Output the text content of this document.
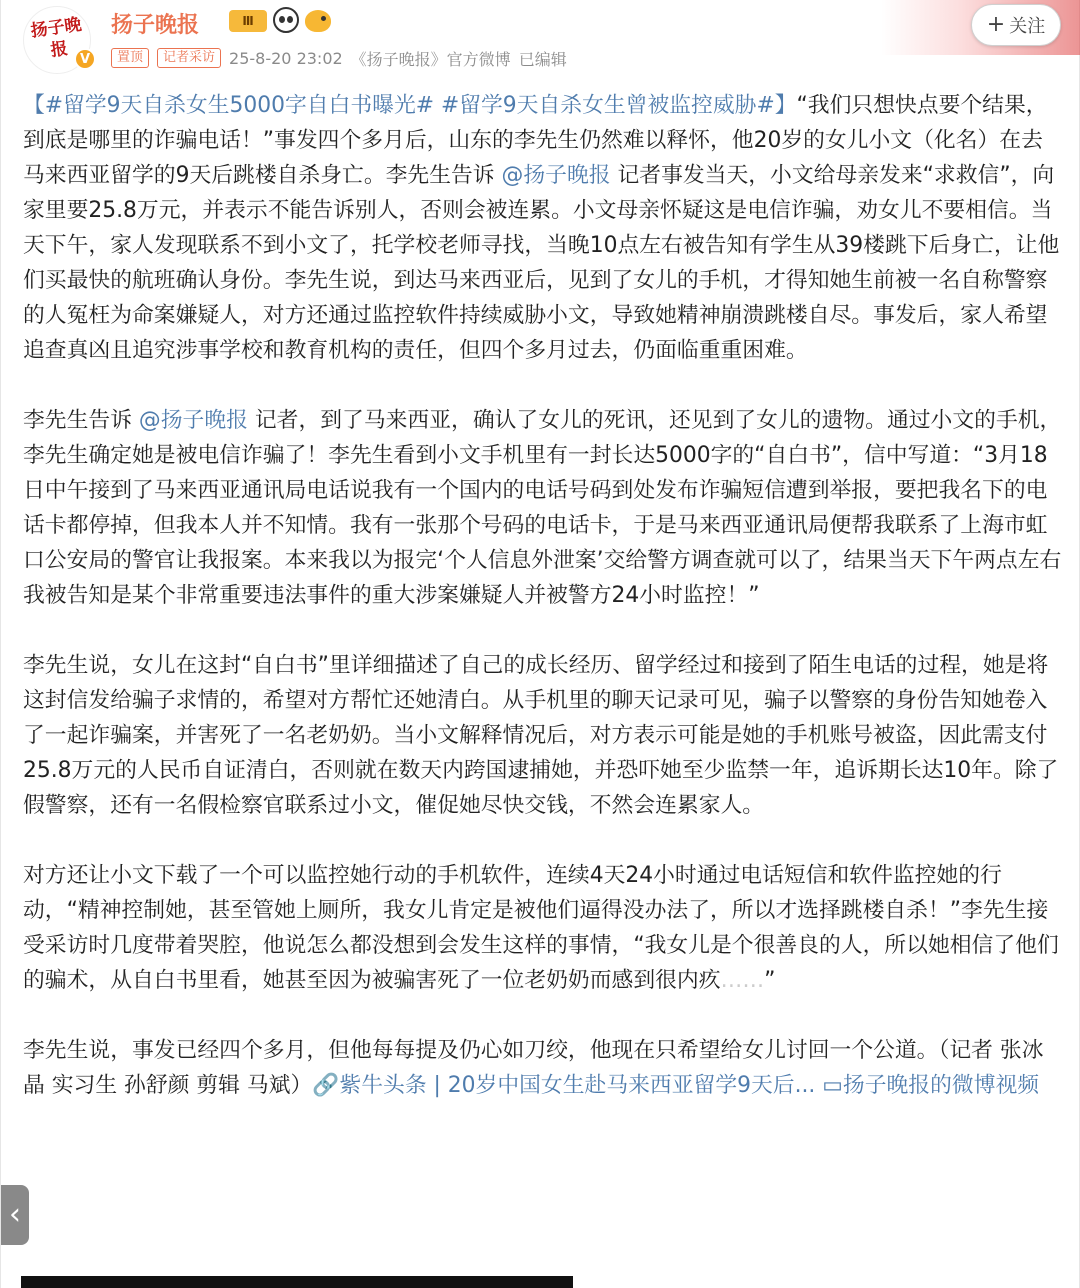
扬子晚报 V
扬子晚报	Ⅲ
置顶	记者采访 25-8-20 23:02 《扬子晚报》官方微博 已编辑
+ 关注

【#留学9天自杀女生5000字自白书曝光# #留学9天自杀女生曾被监控威胁#】“我们只想快点要个结果，到底是哪里的诈骗电话！”事发四个多月后，山东的李先生仍然难以释怀，他20岁的女儿小文（化名）在去马来西亚留学的9天后跳楼自杀身亡。李先生告诉 @扬子晚报 记者事发当天，小文给母亲发来“求救信”，向家里要25.8万元，并表示不能告诉别人，否则会被连累。小文母亲怀疑这是电信诈骗，劝女儿不要相信。当天下午，家人发现联系不到小文了，托学校老师寻找，当晚10点左右被告知有学生从39楼跳下后身亡，让他们买最快的航班确认身份。李先生说，到达马来西亚后，见到了女儿的手机，才得知她生前被一名自称警察的人冤枉为命案嫌疑人，对方还通过监控软件持续威胁小文，导致她精神崩溃跳楼自尽。事发后，家人希望追查真凶且追究涉事学校和教育机构的责任，但四个多月过去，仍面临重重困难。

李先生告诉 @扬子晚报 记者，到了马来西亚，确认了女儿的死讯，还见到了女儿的遗物。通过小文的手机，李先生确定她是被电信诈骗了！李先生看到小文手机里有一封长达5000字的“自白书”，信中写道：“3月18日中午接到了马来西亚通讯局电话说我有一个国内的电话号码到处发布诈骗短信遭到举报，要把我名下的电话卡都停掉，但我本人并不知情。我有一张那个号码的电话卡，于是马来西亚通讯局便帮我联系了上海市虹口公安局的警官让我报案。本来我以为报完‘个人信息外泄案’交给警方调查就可以了，结果当天下午两点左右我被告知是某个非常重要违法事件的重大涉案嫌疑人并被警方24小时监控！”

李先生说，女儿在这封“自白书”里详细描述了自己的成长经历、留学经过和接到了陌生电话的过程，她是将这封信发给骗子求情的，希望对方帮忙还她清白。从手机里的聊天记录可见，骗子以警察的身份告知她卷入了一起诈骗案，并害死了一名老奶奶。当小文解释情况后，对方表示可能是她的手机账号被盗，因此需支付25.8万元的人民币自证清白，否则就在数天内跨国逮捕她，并恐吓她至少监禁一年，追诉期长达10年。除了假警察，还有一名假检察官联系过小文，催促她尽快交钱，不然会连累家人。

对方还让小文下载了一个可以监控她行动的手机软件，连续4天24小时通过电话短信和软件监控她的行动，“精神控制她，甚至管她上厕所，我女儿肯定是被他们逼得没办法了，所以才选择跳楼自杀！”李先生接受采访时几度带着哭腔，他说怎么都没想到会发生这样的事情，“我女儿是个很善良的人，所以她相信了他们的骗术，从自白书里看，她甚至因为被骗害死了一位老奶奶而感到很内疚……”

李先生说，事发已经四个多月，但他每每提及仍心如刀绞，他现在只希望给女儿讨回一个公道。（记者 张冰晶 实习生 孙舒颜 剪辑 马斌）🔗紫牛头条 | 20岁中国女生赴马来西亚留学9天后... ▭扬子晚报的微博视频

‹
